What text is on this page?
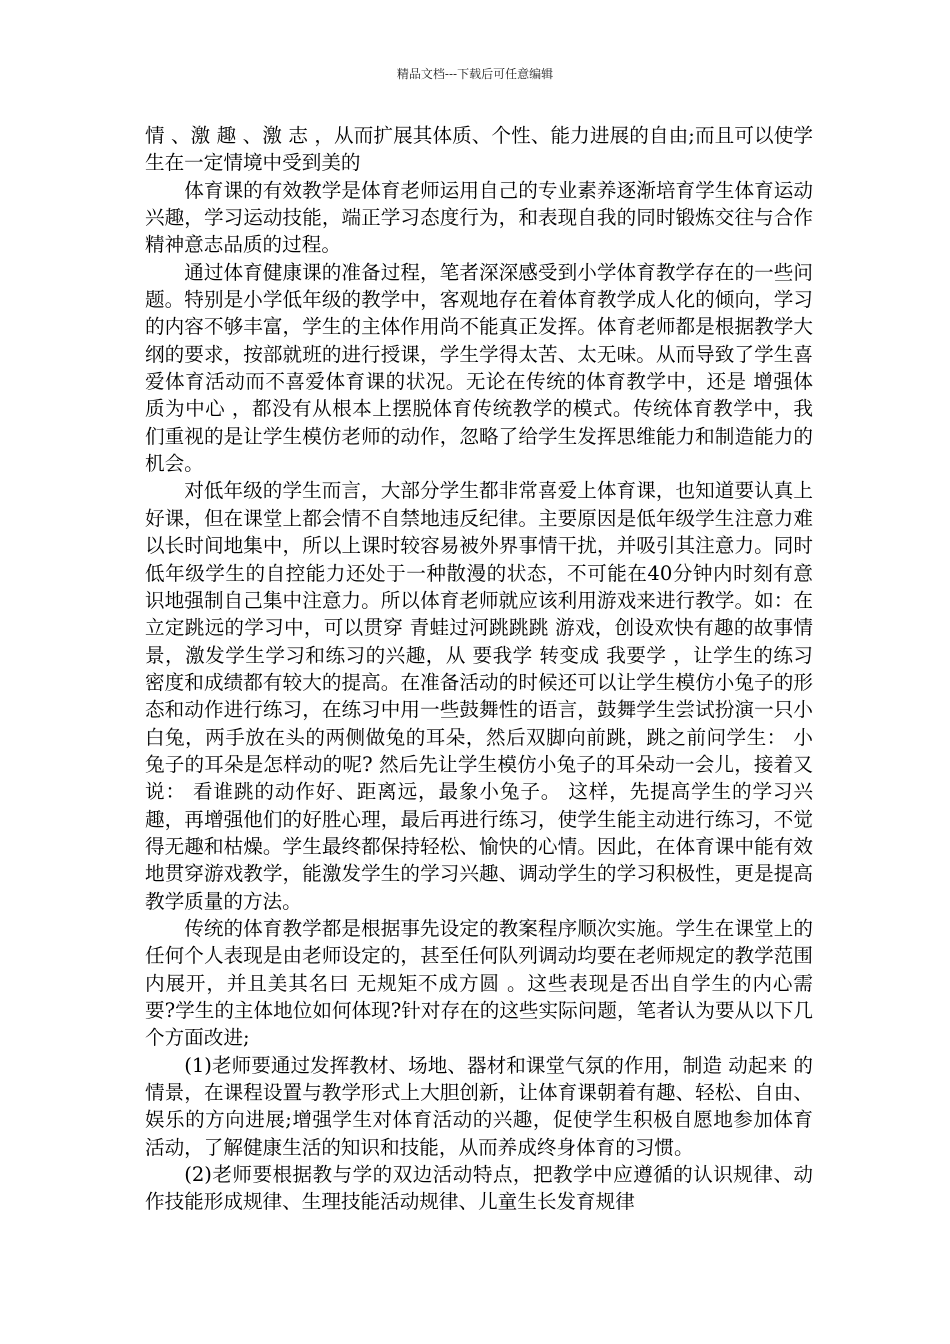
精品文档---下载后可任意编辑

情 、激 趣 、激 志 ，从而扩展其体质、个性、能力进展的自由;而且可以使学生在一定情境中受到美的

体育课的有效教学是体育老师运用自己的专业素养逐渐培育学生体育运动兴趣，学习运动技能，端正学习态度行为，和表现自我的同时锻炼交往与合作精神意志品质的过程。

通过体育健康课的准备过程，笔者深深感受到小学体育教学存在的一些问题。特别是小学低年级的教学中，客观地存在着体育教学成人化的倾向，学习的内容不够丰富，学生的主体作用尚不能真正发挥。体育老师都是根据教学大纲的要求，按部就班的进行授课，学生学得太苦、太无味。从而导致了学生喜爱体育活动而不喜爱体育课的状况。无论在传统的体育教学中，还是 增强体质为中心 ，都没有从根本上摆脱体育传统教学的模式。传统体育教学中，我们重视的是让学生模仿老师的动作，忽略了给学生发挥思维能力和制造能力的机会。

对低年级的学生而言，大部分学生都非常喜爱上体育课，也知道要认真上好课，但在课堂上都会情不自禁地违反纪律。主要原因是低年级学生注意力难以长时间地集中，所以上课时较容易被外界事情干扰，并吸引其注意力。同时低年级学生的自控能力还处于一种散漫的状态，不可能在40分钟内时刻有意识地强制自己集中注意力。所以体育老师就应该利用游戏来进行教学。如：在立定跳远的学习中，可以贯穿 青蛙过河跳跳跳 游戏，创设欢快有趣的故事情景，激发学生学习和练习的兴趣，从 要我学 转变成 我要学 ，让学生的练习密度和成绩都有较大的提高。在准备活动的时候还可以让学生模仿小兔子的形态和动作进行练习，在练习中用一些鼓舞性的语言，鼓舞学生尝试扮演一只小白兔，两手放在头的两侧做兔的耳朵，然后双脚向前跳，跳之前问学生： 小兔子的耳朵是怎样动的呢? 然后先让学生模仿小兔子的耳朵动一会儿，接着又说： 看谁跳的动作好、距离远，最象小兔子。 这样，先提高学生的学习兴趣，再增强他们的好胜心理，最后再进行练习，使学生能主动进行练习，不觉得无趣和枯燥。学生最终都保持轻松、愉快的心情。因此，在体育课中能有效地贯穿游戏教学，能激发学生的学习兴趣、调动学生的学习积极性，更是提高教学质量的方法。

传统的体育教学都是根据事先设定的教案程序顺次实施。学生在课堂上的任何个人表现是由老师设定的，甚至任何队列调动均要在老师规定的教学范围内展开，并且美其名曰 无规矩不成方圆 。这些表现是否出自学生的内心需要?学生的主体地位如何体现?针对存在的这些实际问题，笔者认为要从以下几个方面改进;

(1)老师要通过发挥教材、场地、器材和课堂气氛的作用，制造 动起来 的情景，在课程设置与教学形式上大胆创新，让体育课朝着有趣、轻松、自由、娱乐的方向进展;增强学生对体育活动的兴趣，促使学生积极自愿地参加体育活动，了解健康生活的知识和技能，从而养成终身体育的习惯。

(2)老师要根据教与学的双边活动特点，把教学中应遵循的认识规律、动作技能形成规律、生理技能活动规律、儿童生长发育规律
